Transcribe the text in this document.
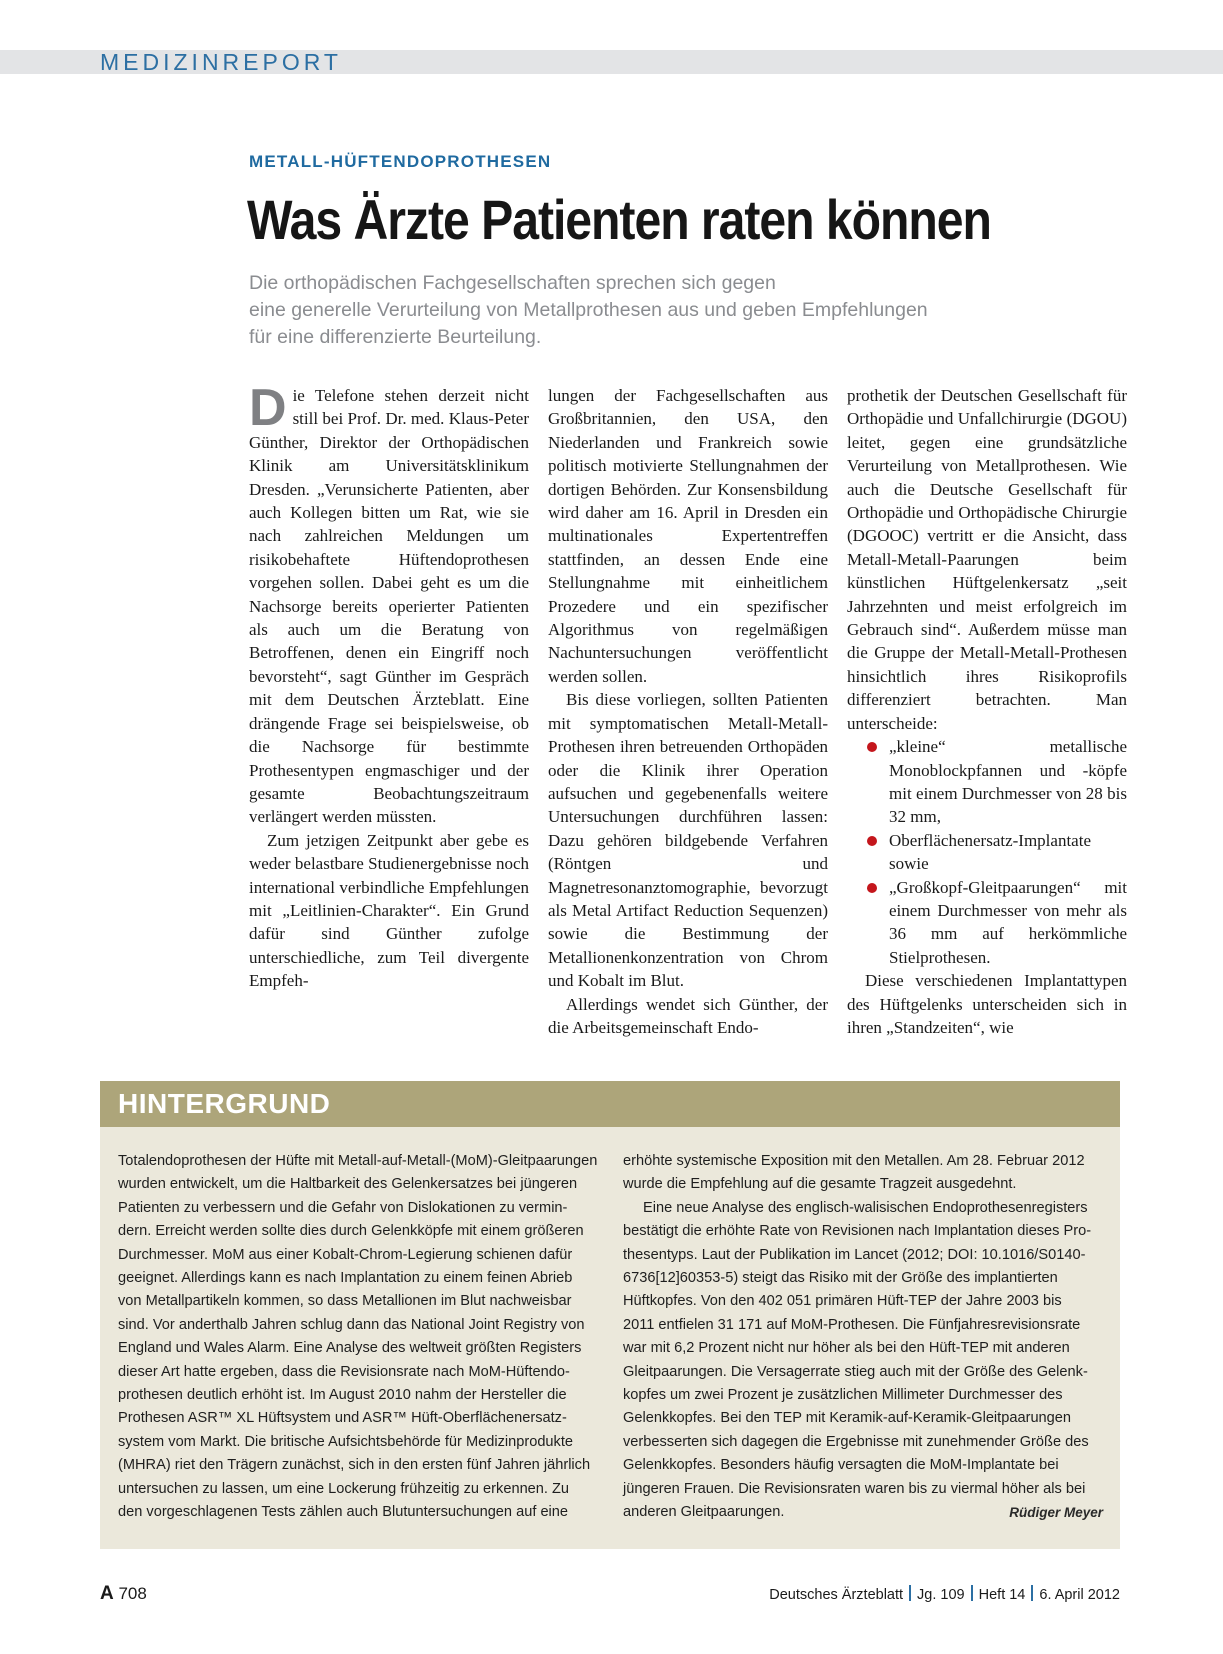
MEDIZINREPORT
METALL-HÜFTENDOPROTHESEN
Was Ärzte Patienten raten können
Die orthopädischen Fachgesellschaften sprechen sich gegen
eine generelle Verurteilung von Metallprothesen aus und geben Empfehlungen
für eine differenzierte Beurteilung.

Die Telefone stehen derzeit nicht still bei Prof. Dr. med. Klaus-Peter Günther, Direktor der Orthopädischen Klinik am Universitätsklinikum Dresden. „Verunsicherte Patienten, aber auch Kollegen bitten um Rat, wie sie nach zahlreichen Meldungen um risikobehaftete Hüftendoprothesen vorgehen sollen. Dabei geht es um die Nachsorge bereits operierter Patienten als auch um die Beratung von Betroffenen, denen ein Eingriff noch bevorsteht“, sagt Günther im Gespräch mit dem Deutschen Ärzteblatt. Eine drängende Frage sei beispielsweise, ob die Nachsorge für bestimmte Prothesentypen engmaschiger und der gesamte Beobachtungszeitraum verlängert werden müssten.

Zum jetzigen Zeitpunkt aber gebe es weder belastbare Studienergebnisse noch international verbindliche Empfehlungen mit „Leitlinien-Charakter“. Ein Grund dafür sind Günther zufolge unterschiedliche, zum Teil divergente Empfeh-

lungen der Fachgesellschaften aus Großbritannien, den USA, den Niederlanden und Frankreich sowie politisch motivierte Stellungnahmen der dortigen Behörden. Zur Konsensbildung wird daher am 16. April in Dresden ein multinationales Expertentreffen stattfinden, an dessen Ende eine Stellungnahme mit einheitlichem Prozedere und ein spezifischer Algorithmus von regelmäßigen Nachuntersuchungen veröffentlicht werden sollen.

Bis diese vorliegen, sollten Patienten mit symptomatischen Metall-Metall-Prothesen ihren betreuenden Orthopäden oder die Klinik ihrer Operation aufsuchen und gegebenenfalls weitere Untersuchungen durchführen lassen: Dazu gehören bildgebende Verfahren (Röntgen und Magnetresonanztomographie, bevorzugt als Metal Artifact Reduction Sequenzen) sowie die Bestimmung der Metallionenkonzentration von Chrom und Kobalt im Blut.

Allerdings wendet sich Günther, der die Arbeitsgemeinschaft Endo-

prothetik der Deutschen Gesellschaft für Orthopädie und Unfallchirurgie (DGOU) leitet, gegen eine grundsätzliche Verurteilung von Metallprothesen. Wie auch die Deutsche Gesellschaft für Orthopädie und Orthopädische Chirurgie (DGOOC) vertritt er die Ansicht, dass Metall-Metall-Paarungen beim künstlichen Hüftgelenkersatz „seit Jahrzehnten und meist erfolgreich im Gebrauch sind“. Außerdem müsse man die Gruppe der Metall-Metall-Prothesen hinsichtlich ihres Risikoprofils differenziert betrachten. Man unterscheide:

„kleine“ metallische Monoblockpfannen und -köpfe mit einem Durchmesser von 28 bis 32 mm,

Oberflächenersatz-Implantate sowie

„Großkopf-Gleitpaarungen“ mit einem Durchmesser von mehr als 36 mm auf herkömmliche Stielprothesen.

Diese verschiedenen Implantattypen des Hüftgelenks unterscheiden sich in ihren „Standzeiten“, wie

HINTERGRUND
Totalendoprothesen der Hüfte mit Metall-auf-Metall-(MoM)-Gleitpaarungen
wurden entwickelt, um die Haltbarkeit des Gelenkersatzes bei jüngeren
Patienten zu verbessern und die Gefahr von Dislokationen zu vermin-
dern. Erreicht werden sollte dies durch Gelenkköpfe mit einem größeren
Durchmesser. MoM aus einer Kobalt-Chrom-Legierung schienen dafür
geeignet. Allerdings kann es nach Implantation zu einem feinen Abrieb
von Metallpartikeln kommen, so dass Metallionen im Blut nachweisbar
sind. Vor anderthalb Jahren schlug dann das National Joint Registry von
England und Wales Alarm. Eine Analyse des weltweit größten Registers
dieser Art hatte ergeben, dass die Revisionsrate nach MoM-Hüftendo-
prothesen deutlich erhöht ist. Im August 2010 nahm der Hersteller die
Prothesen ASR™ XL Hüftsystem und ASR™ Hüft-Oberflächenersatz-
system vom Markt. Die britische Aufsichtsbehörde für Medizinprodukte
(MHRA) riet den Trägern zunächst, sich in den ersten fünf Jahren jährlich
untersuchen zu lassen, um eine Lockerung frühzeitig zu erkennen. Zu
den vorgeschlagenen Tests zählen auch Blutuntersuchungen auf eine
erhöhte systemische Exposition mit den Metallen. Am 28. Februar 2012
wurde die Empfehlung auf die gesamte Tragzeit ausgedehnt.
Eine neue Analyse des englisch-walisischen Endoprothesenregisters
bestätigt die erhöhte Rate von Revisionen nach Implantation dieses Pro-
thesentyps. Laut der Publikation im Lancet (2012; DOI: 10.1016/S0140-
6736[12]60353-5) steigt das Risiko mit der Größe des implantierten
Hüftkopfes. Von den 402 051 primären Hüft-TEP der Jahre 2003 bis
2011 entfielen 31 171 auf MoM-Prothesen. Die Fünfjahresrevisionsrate
war mit 6,2 Prozent nicht nur höher als bei den Hüft-TEP mit anderen
Gleitpaarungen. Die Versagerrate stieg auch mit der Größe des Gelenk-
kopfes um zwei Prozent je zusätzlichen Millimeter Durchmesser des
Gelenkkopfes. Bei den TEP mit Keramik-auf-Keramik-Gleitpaarungen
verbesserten sich dagegen die Ergebnisse mit zunehmender Größe des
Gelenkkopfes. Besonders häufig versagten die MoM-Implantate bei
jüngeren Frauen. Die Revisionsraten waren bis zu viermal höher als bei
anderen Gleitpaarungen.	Rüdiger Meyer
A 708	Deutsches Ärzteblatt Jg. 109 Heft 14 6. April 2012
